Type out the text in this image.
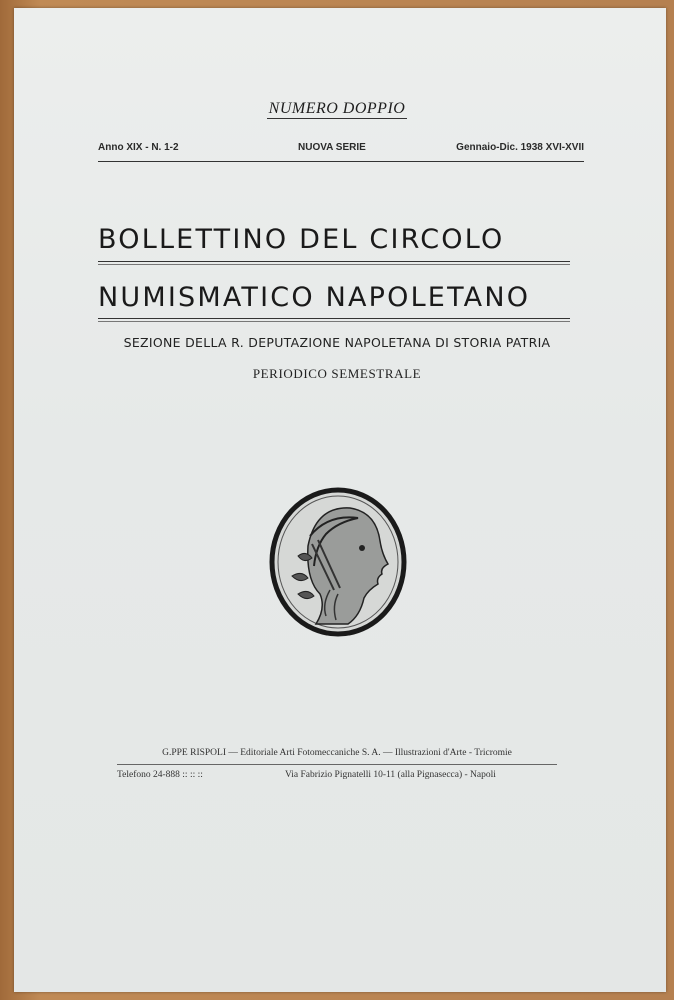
NUMERO DOPPIO
Anno XIX - N. 1-2	NUOVA SERIE	Gennaio-Dic. 1938 XVI-XVII
BOLLETTINO DEL CIRCOLO
NUMISMATICO NAPOLETANO
SEZIONE DELLA R. DEPUTAZIONE NAPOLETANA DI STORIA PATRIA
PERIODICO SEMESTRALE
G.PPE RISPOLI — Editoriale Arti Fotomeccaniche S. A. — Illustrazioni d'Arte - Tricromie
Telefono 24-888 :: :: ::	Via Fabrizio Pignatelli 10-11 (alla Pignasecca) - Napoli
